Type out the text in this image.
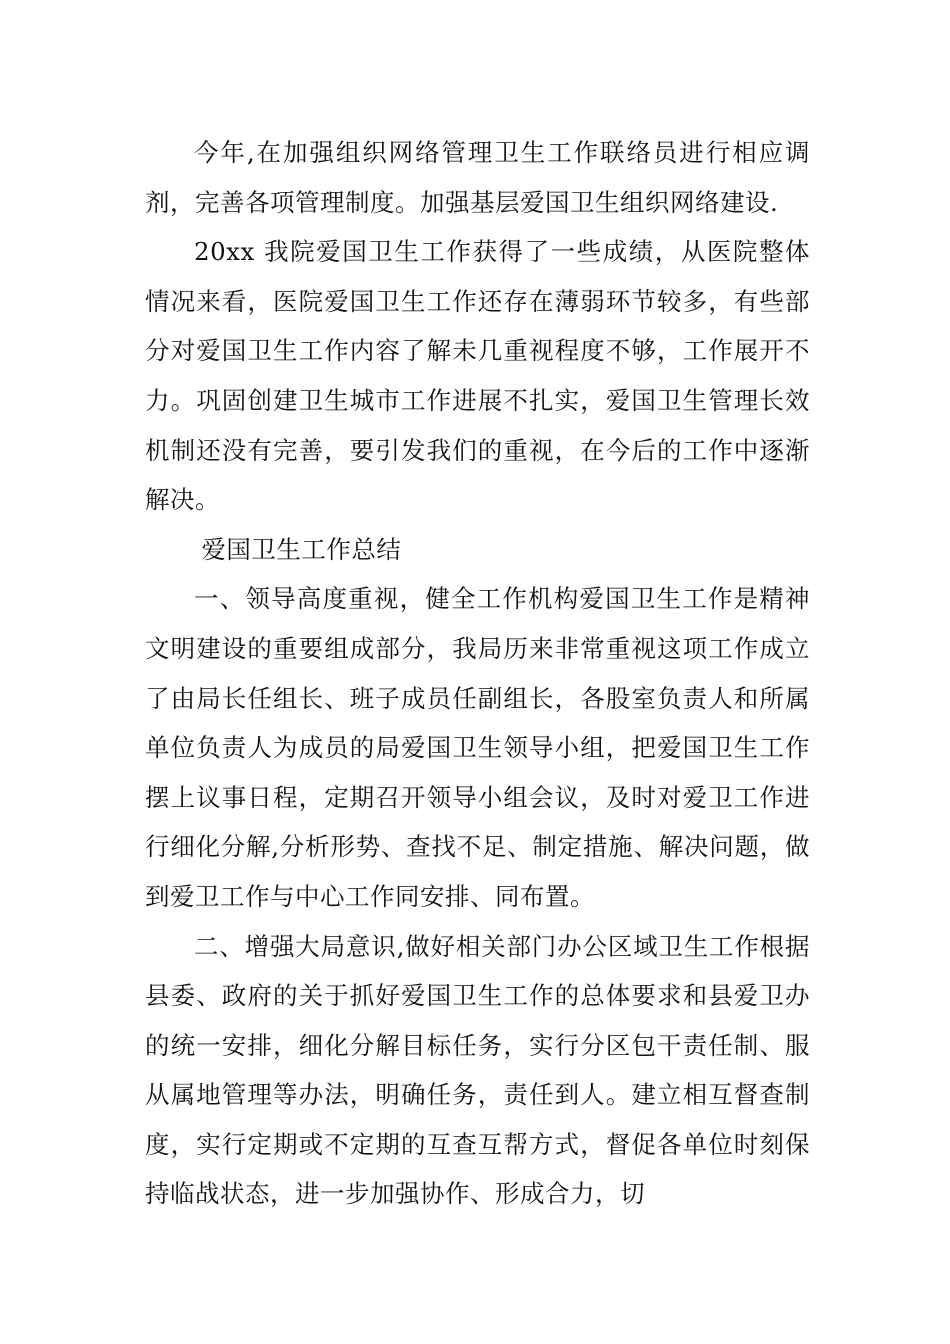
今年,在加强组织网络管理卫生工作联络员进行相应调剂，完善各项管理制度。加强基层爱国卫生组织网络建设.

20xx 我院爱国卫生工作获得了一些成绩，从医院整体情况来看，医院爱国卫生工作还存在薄弱环节较多，有些部分对爱国卫生工作内容了解未几重视程度不够，工作展开不力。巩固创建卫生城市工作进展不扎实，爱国卫生管理长效机制还没有完善，要引发我们的重视，在今后的工作中逐渐解决。

爱国卫生工作总结

一、领导高度重视，健全工作机构爱国卫生工作是精神文明建设的重要组成部分，我局历来非常重视这项工作成立了由局长任组长、班子成员任副组长，各股室负责人和所属单位负责人为成员的局爱国卫生领导小组，把爱国卫生工作摆上议事日程，定期召开领导小组会议，及时对爱卫工作进行细化分解,分析形势、查找不足、制定措施、解决问题，做到爱卫工作与中心工作同安排、同布置。

二、增强大局意识,做好相关部门办公区域卫生工作根据县委、政府的关于抓好爱国卫生工作的总体要求和县爱卫办的统一安排，细化分解目标任务，实行分区包干责任制、服从属地管理等办法，明确任务，责任到人。建立相互督查制度，实行定期或不定期的互查互帮方式，督促各单位时刻保持临战状态，进一步加强协作、形成合力，切
